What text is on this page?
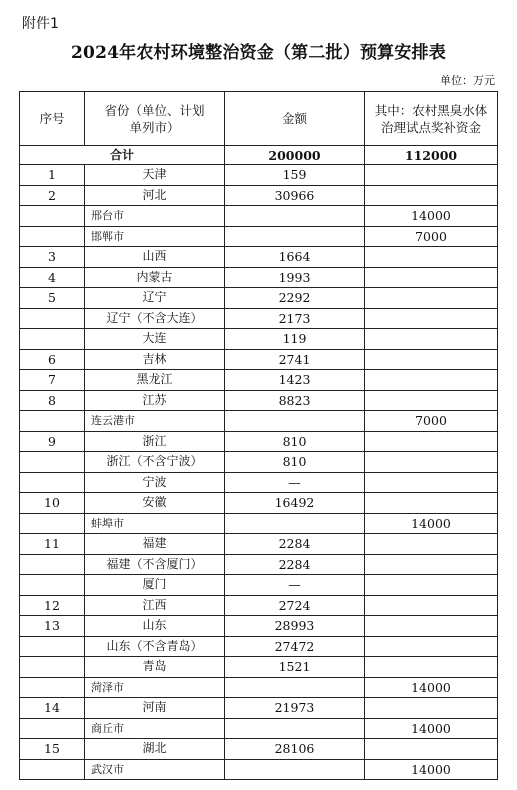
附件1
2024年农村环境整治资金（第二批）预算安排表
单位：万元
序号	省份（单位、计划单列市）	金额	其中：农村黑臭水体治理试点奖补资金
合计		200000	112000
1	天津	159	
2	河北	30966	
	邢台市		14000
	邯郸市		7000
3	山西	1664	
4	内蒙古	1993	
5	辽宁	2292	
	辽宁（不含大连）	2173	
	大连	119	
6	吉林	2741	
7	黑龙江	1423	
8	江苏	8823	
	连云港市		7000
9	浙江	810	
	浙江（不含宁波）	810	
	宁波	—	
10	安徽	16492	
	蚌埠市		14000
11	福建	2284	
	福建（不含厦门）	2284	
	厦门	—	
12	江西	2724	
13	山东	28993	
	山东（不含青岛）	27472	
	青岛	1521	
	菏泽市		14000
14	河南	21973	
	商丘市		14000
15	湖北	28106	
	武汉市		14000
